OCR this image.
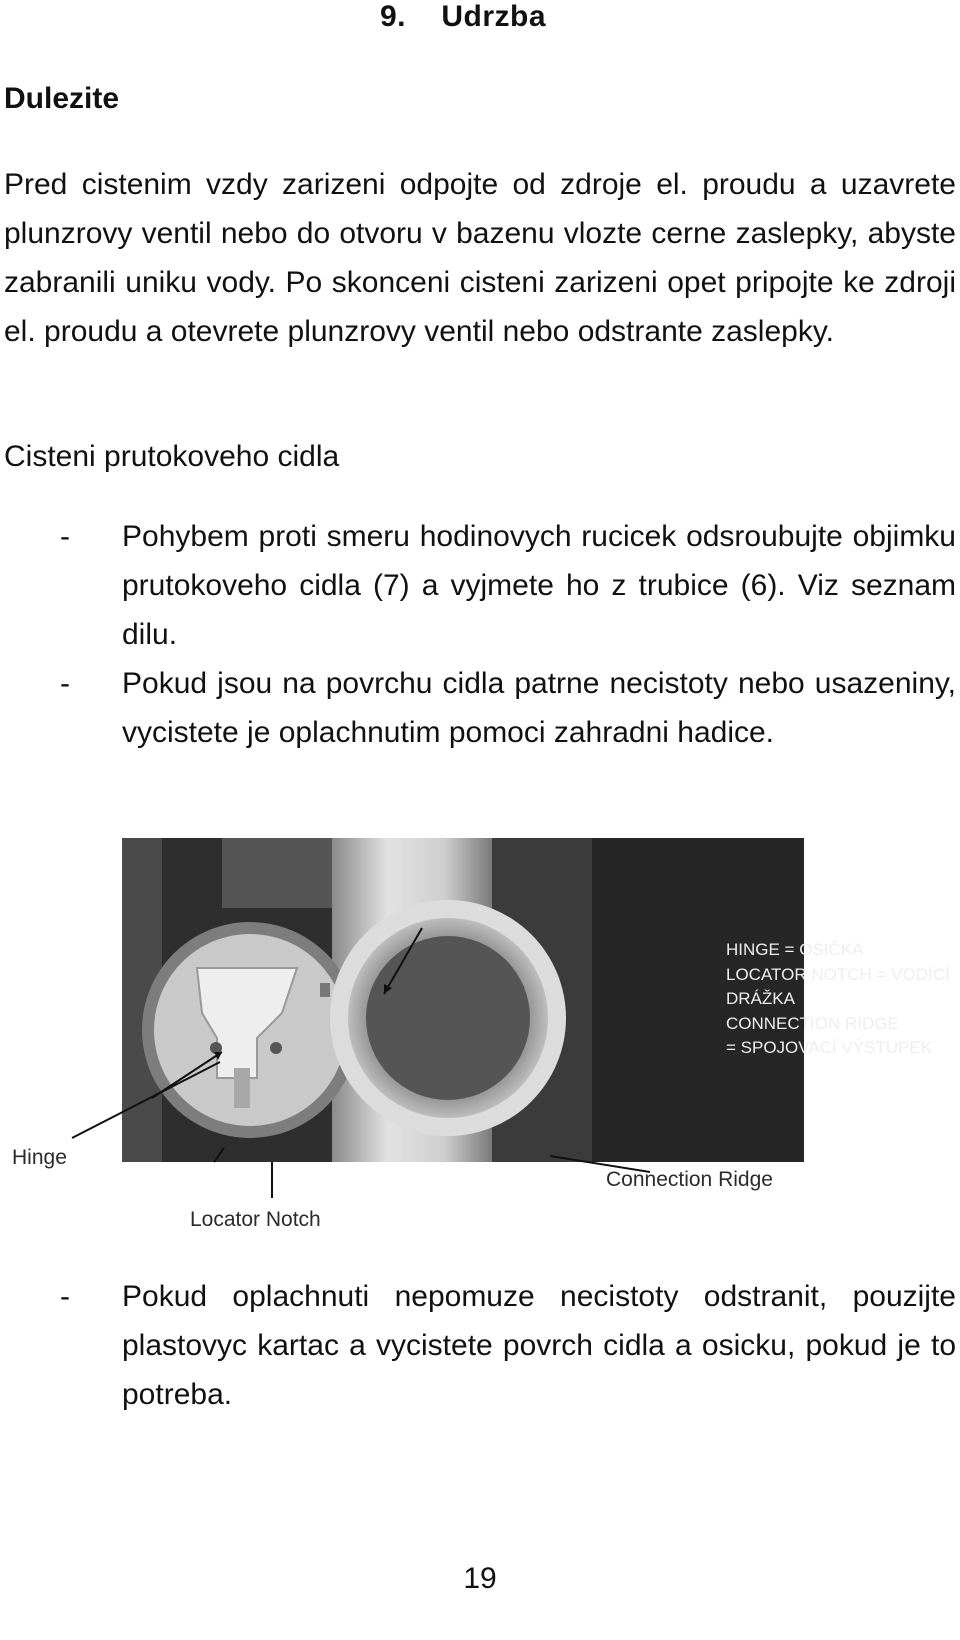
9.    Udrzba
Dulezite
Pred cistenim vzdy zarizeni odpojte od zdroje el. proudu a uzavrete plunzrovy ventil nebo do otvoru v bazenu vlozte cerne zaslepky, abyste zabranili uniku vody. Po skonceni cisteni zarizeni opet pripojte ke zdroji el. proudu a otevrete plunzrovy ventil nebo odstrante zaslepky.
Cisteni prutokoveho cidla
-	Pohybem proti smeru hodinovych rucicek odsroubujte objimku prutokoveho cidla (7) a vyjmete ho z trubice (6). Viz seznam dilu.
-	Pokud jsou na povrchu cidla patrne necistoty nebo usazeniny, vycistete je oplachnutim pomoci zahradni hadice.
HINGE = OSIČKA
LOCATOR NOTCH = VODÍCÍ
DRÁŽKA
CONNECTION RIDGE
= SPOJOVACÍ VÝSTUPEK
Hinge
Locator Notch
Connection Ridge
-	Pokud oplachnuti nepomuze necistoty odstranit, pouzijte plastovyc kartac a vycistete povrch cidla a osicku, pokud je to potreba.
19
